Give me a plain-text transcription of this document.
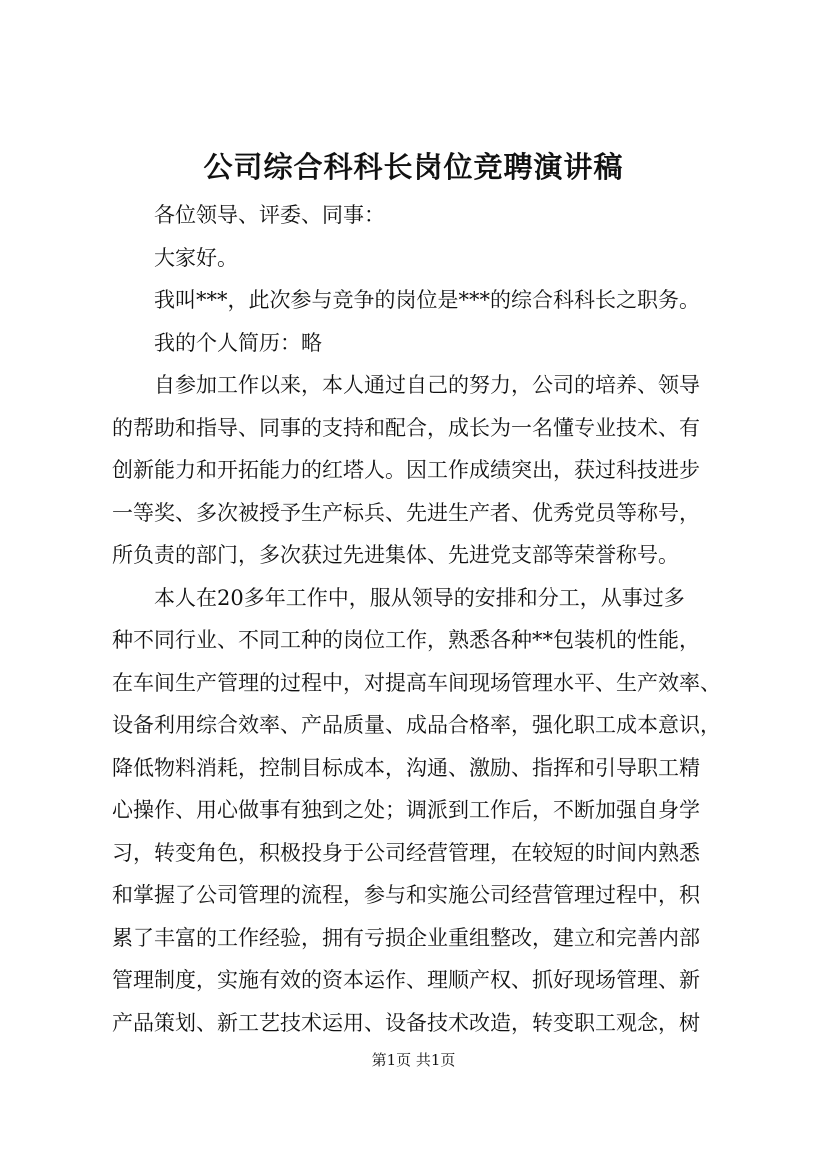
公司综合科科长岗位竞聘演讲稿

各位领导、评委、同事：

大家好。

我叫***，此次参与竞争的岗位是***的综合科科长之职务。

我的个人简历：略

自参加工作以来，本人通过自己的努力，公司的培养、领导

的帮助和指导、同事的支持和配合，成长为一名懂专业技术、有

创新能力和开拓能力的红塔人。因工作成绩突出，获过科技进步

一等奖、多次被授予生产标兵、先进生产者、优秀党员等称号，

所负责的部门，多次获过先进集体、先进党支部等荣誉称号。

本人在20多年工作中，服从领导的安排和分工，从事过多

种不同行业、不同工种的岗位工作，熟悉各种**包装机的性能，

在车间生产管理的过程中，对提高车间现场管理水平、生产效率、

设备利用综合效率、产品质量、成品合格率，强化职工成本意识，

降低物料消耗，控制目标成本，沟通、激励、指挥和引导职工精

心操作、用心做事有独到之处；调派到工作后，不断加强自身学

习，转变角色，积极投身于公司经营管理，在较短的时间内熟悉

和掌握了公司管理的流程，参与和实施公司经营管理过程中，积

累了丰富的工作经验，拥有亏损企业重组整改，建立和完善内部

管理制度，实施有效的资本运作、理顺产权、抓好现场管理、新

产品策划、新工艺技术运用、设备技术改造，转变职工观念，树

第1页 共1页
